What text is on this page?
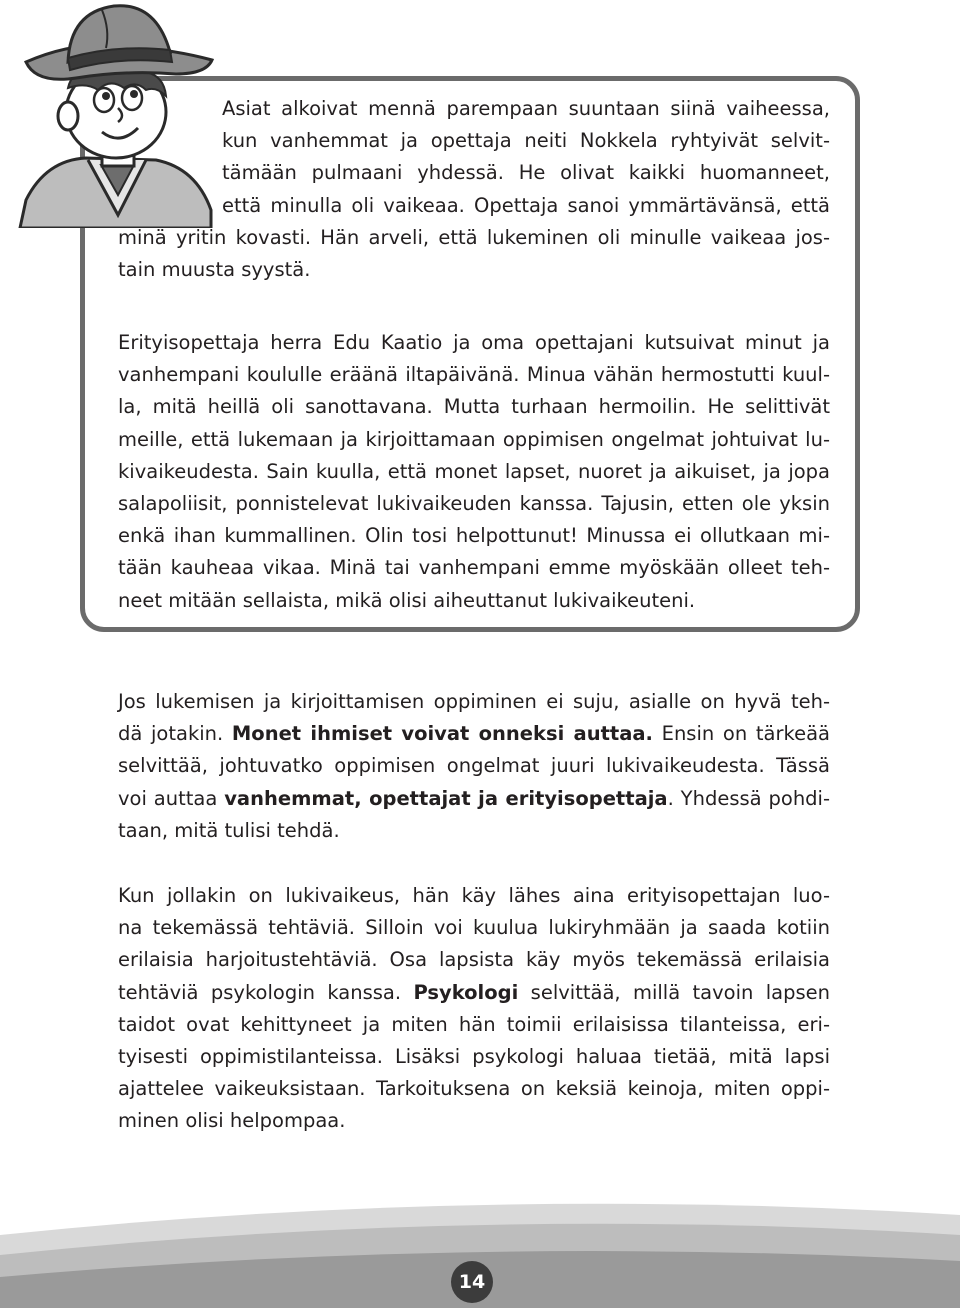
Asiat alkoivat mennä parempaan suuntaan siinä vaiheessa,
kun vanhemmat ja opettaja neiti Nokkela ryhtyivät selvit-
tämään pulmaani yhdessä. He olivat kaikki huomanneet,
että minulla oli vaikeaa. Opettaja sanoi ymmärtävänsä, että
minä yritin kovasti. Hän arveli, että lukeminen oli minulle vaikeaa jos-
tain muusta syystä.
Erityisopettaja herra Edu Kaatio ja oma opettajani kutsuivat minut ja
vanhempani koululle eräänä iltapäivänä. Minua vähän hermostutti kuul-
la, mitä heillä oli sanottavana. Mutta turhaan hermoilin. He selittivät
meille, että lukemaan ja kirjoittamaan oppimisen ongelmat johtuivat lu-
kivaikeudesta. Sain kuulla, että monet lapset, nuoret ja aikuiset, ja jopa
salapoliisit, ponnistelevat lukivaikeuden kanssa. Tajusin, etten ole yksin
enkä ihan kummallinen. Olin tosi helpottunut! Minussa ei ollutkaan mi-
tään kauheaa vikaa. Minä tai vanhempani emme myöskään olleet teh-
neet mitään sellaista, mikä olisi aiheuttanut lukivaikeuteni.
Jos lukemisen ja kirjoittamisen oppiminen ei suju, asialle on hyvä teh-
dä jotakin. Monet ihmiset voivat onneksi auttaa. Ensin on tärkeää
selvittää, johtuvatko oppimisen ongelmat juuri lukivaikeudesta. Tässä
voi auttaa vanhemmat, opettajat ja erityisopettaja. Yhdessä pohdi-
taan, mitä tulisi tehdä.
Kun jollakin on lukivaikeus, hän käy lähes aina erityisopettajan luo-
na tekemässä tehtäviä. Silloin voi kuulua lukiryhmään ja saada kotiin
erilaisia harjoitustehtäviä. Osa lapsista käy myös tekemässä erilaisia
tehtäviä psykologin kanssa. Psykologi selvittää, millä tavoin lapsen
taidot ovat kehittyneet ja miten hän toimii erilaisissa tilanteissa, eri-
tyisesti oppimistilanteissa. Lisäksi psykologi haluaa tietää, mitä lapsi
ajattelee vaikeuksistaan. Tarkoituksena on keksiä keinoja, miten oppi-
minen olisi helpompaa.
14
